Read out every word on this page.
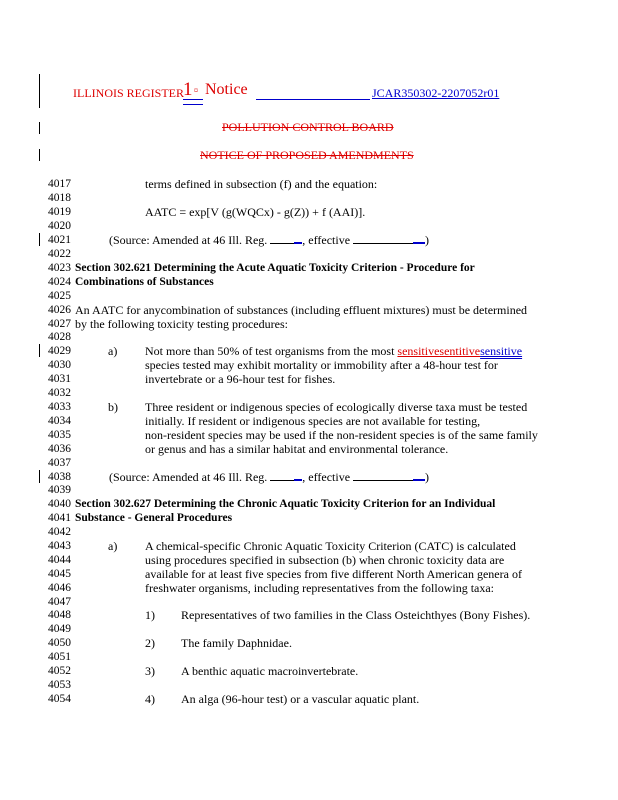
ILLINOIS REGISTER 1 ¤ Notice	JCAR350302-2207052r01
POLLUTION CONTROL BOARD
NOTICE OF PROPOSED AMENDMENTS
4017
4018
4019
4020
4021
4022
4023
4024
4025
4026
4027
4028
4029
4030
4031
4032
4033
4034
4035
4036
4037
4038
4039
4040
4041
4042
4043
4044
4045
4046
4047
4048
4049
4050
4051
4052
4053
4054
terms defined in subsection (f) and the equation:
AATC = exp[V (g(WQCx) - g(Z)) + f (AAI)].
(Source: Amended at 46 Ill. Reg.	, effective	)
Section 302.621 Determining the Acute Aquatic Toxicity Criterion - Procedure for
Combinations of Substances
An AATC for anycombination of substances (including effluent mixtures) must be determined
by the following toxicity testing procedures:
a) Not more than 50% of test organisms from the most sensitivesentitivesensitive
species tested may exhibit mortality or immobility after a 48-hour test for
invertebrate or a 96-hour test for fishes.
b) Three resident or indigenous species of ecologically diverse taxa must be tested
initially. If resident or indigenous species are not available for testing,
non-resident species may be used if the non-resident species is of the same family
or genus and has a similar habitat and environmental tolerance.
(Source: Amended at 46 Ill. Reg.	, effective	)
Section 302.627 Determining the Chronic Aquatic Toxicity Criterion for an Individual
Substance - General Procedures
a) A chemical-specific Chronic Aquatic Toxicity Criterion (CATC) is calculated
using procedures specified in subsection (b) when chronic toxicity data are
available for at least five species from five different North American genera of
freshwater organisms, including representatives from the following taxa:
1) Representatives of two families in the Class Osteichthyes (Bony Fishes).
2) The family Daphnidae.
3) A benthic aquatic macroinvertebrate.
4) An alga (96-hour test) or a vascular aquatic plant.
